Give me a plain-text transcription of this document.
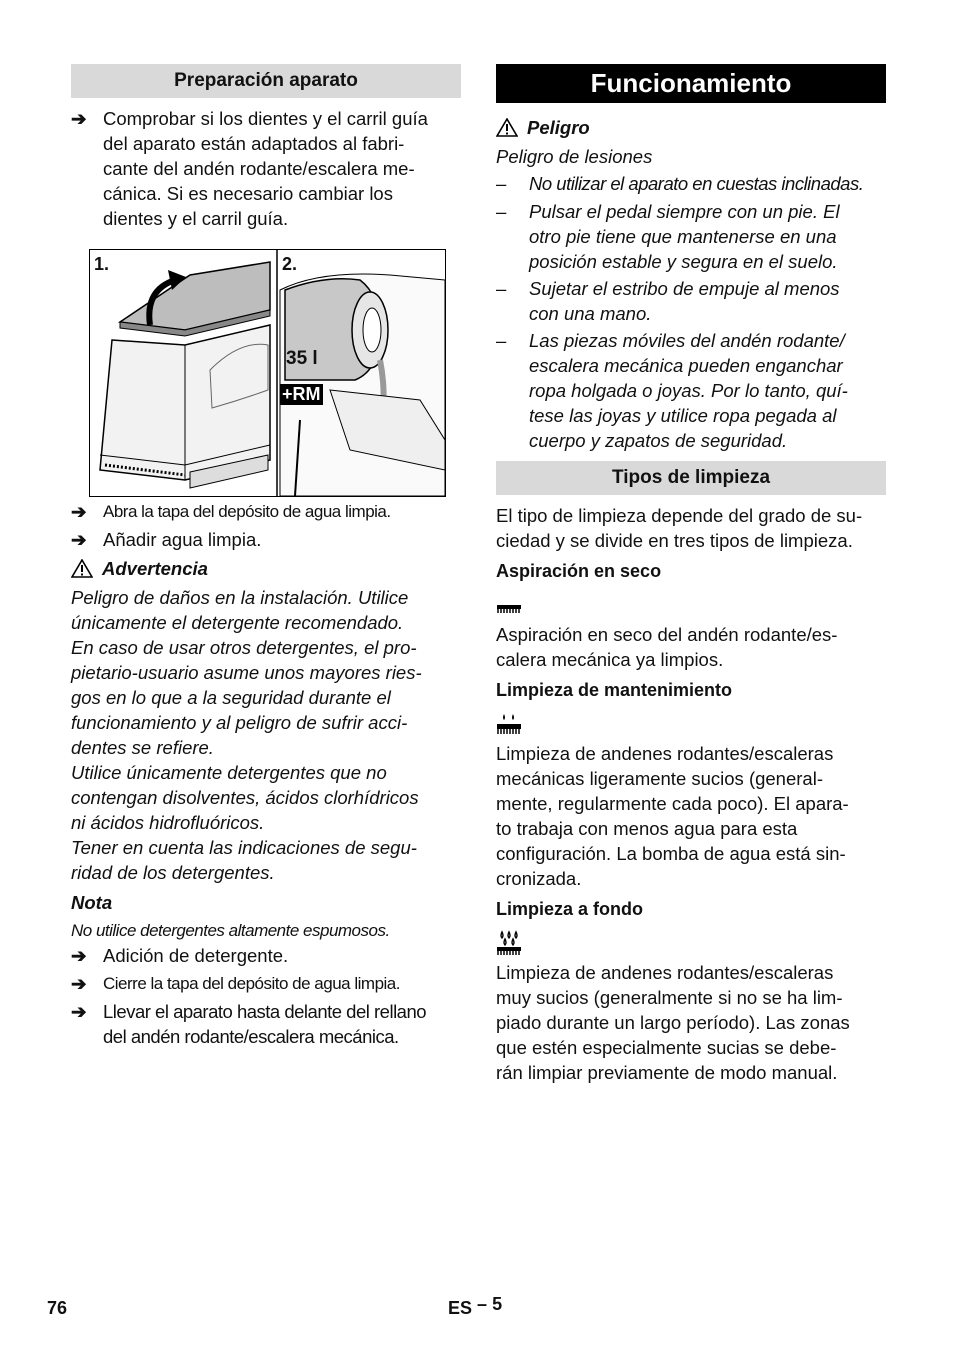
Preparación aparato
➔ Comprobar si los dientes y el carril guía
del aparato están adaptados al fabri-
cante del andén rodante/escalera me-
cánica. Si es necesario cambiar los
dientes y el carril guía.
1.	2.
35 l
+RM
➔ Abra la tapa del depósito de agua limpia.
➔ Añadir agua limpia.
Advertencia
Peligro de daños en la instalación. Utilice
únicamente el detergente recomendado.
En caso de usar otros detergentes, el pro-
pietario-usuario asume unos mayores ries-
gos en lo que a la seguridad durante el
funcionamiento y al peligro de sufrir acci-
dentes se refiere.
Utilice únicamente detergentes que no
contengan disolventes, ácidos clorhídricos
ni ácidos hidrofluóricos.
Tener en cuenta las indicaciones de segu-
ridad de los detergentes.
Nota
No utilice detergentes altamente espumosos.
➔ Adición de detergente.
➔ Cierre la tapa del depósito de agua limpia.
➔ Llevar el aparato hasta delante del rellano
del andén rodante/escalera mecánica.
Funcionamiento
Peligro
Peligro de lesiones
–	No utilizar el aparato en cuestas inclinadas.
–	Pulsar el pedal siempre con un pie. El
otro pie tiene que mantenerse en una
posición estable y segura en el suelo.
–	Sujetar el estribo de empuje al menos
con una mano.
–	Las piezas móviles del andén rodante/
escalera mecánica pueden enganchar
ropa holgada o joyas. Por lo tanto, quí-
tese las joyas y utilice ropa pegada al
cuerpo y zapatos de seguridad.
Tipos de limpieza
El tipo de limpieza depende del grado de su-
ciedad y se divide en tres tipos de limpieza.
Aspiración en seco
Aspiración en seco del andén rodante/es-
calera mecánica ya limpios.
Limpieza de mantenimiento
Limpieza de andenes rodantes/escaleras
mecánicas ligeramente sucios (general-
mente, regularmente cada poco). El apara-
to trabaja con menos agua para esta
configuración. La bomba de agua está sin-
cronizada.
Limpieza a fondo
Limpieza de andenes rodantes/escaleras
muy sucios (generalmente si no se ha lim-
piado durante un largo período). Las zonas
que estén especialmente sucias se debe-
rán limpiar previamente de modo manual.
76	ES – 5
